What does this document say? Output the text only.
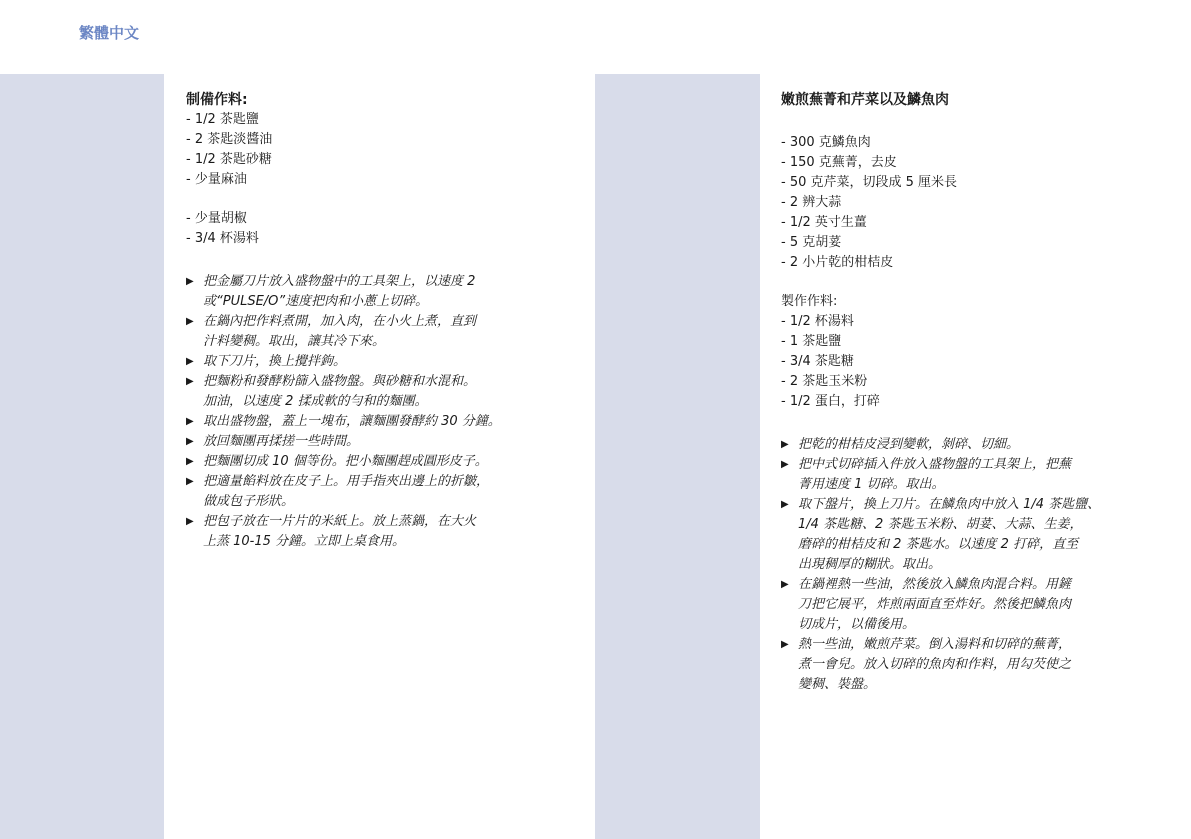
繁體中文
制備作料:
- 1/2 茶匙鹽
- 2 茶匙淡醬油
- 1/2 茶匙砂糖
- 少量麻油
- 少量胡椒
- 3/4 杯湯料
▶ 把金屬刀片放入盛物盤中的工具架上，以速度 2
或“PULSE/O”速度把肉和小蔥上切碎。
▶ 在鍋內把作料煮開，加入肉，在小火上煮，直到
汁料變稠。取出，讓其冷下來。
▶ 取下刀片，換上攪拌鉤。
▶ 把麵粉和發酵粉篩入盛物盤。與砂糖和水混和。
加油，以速度 2 揉成軟的勻和的麵團。
▶ 取出盛物盤，蓋上一塊布，讓麵團發酵約 30 分鐘。
▶ 放回麵團再揉搓一些時間。
▶ 把麵團切成 10 個等份。把小麵團趕成圓形皮子。
▶ 把適量餡料放在皮子上。用手指夾出邊上的折皺，
做成包子形狀。
▶ 把包子放在一片片的米紙上。放上蒸鍋，在大火
上蒸 10-15 分鐘。立即上桌食用。
嫩煎蕪菁和芹菜以及鱗魚肉
- 300 克鱗魚肉
- 150 克蕪菁，去皮
- 50 克芹菜，切段成 5 厘米長
- 2 辨大蒜
- 1/2 英寸生薑
- 5 克胡荽
- 2 小片乾的柑桔皮
製作作料:
- 1/2 杯湯料
- 1 茶匙鹽
- 3/4 茶匙糖
- 2 茶匙玉米粉
- 1/2 蛋白，打碎
▶ 把乾的柑桔皮浸到變軟，剝碎、切細。
▶ 把中式切碎插入件放入盛物盤的工具架上，把蕪
菁用速度 1 切碎。取出。
▶ 取下盤片，換上刀片。在鱗魚肉中放入 1/4 茶匙鹽、
1/4 茶匙糖、2 茶匙玉米粉、胡荽、大蒜、生姜，
磨碎的柑桔皮和 2 茶匙水。以速度 2 打碎，直至
出現稠厚的糊狀。取出。
▶ 在鍋裡熱一些油，然後放入鱗魚肉混合料。用鏟
刀把它展平，炸煎兩面直至炸好。然後把鱗魚肉
切成片，以備後用。
▶ 熱一些油，嫩煎芹菜。倒入湯料和切碎的蕪菁，
煮一會兒。放入切碎的魚肉和作料，用勾芡使之
變稠、裝盤。
